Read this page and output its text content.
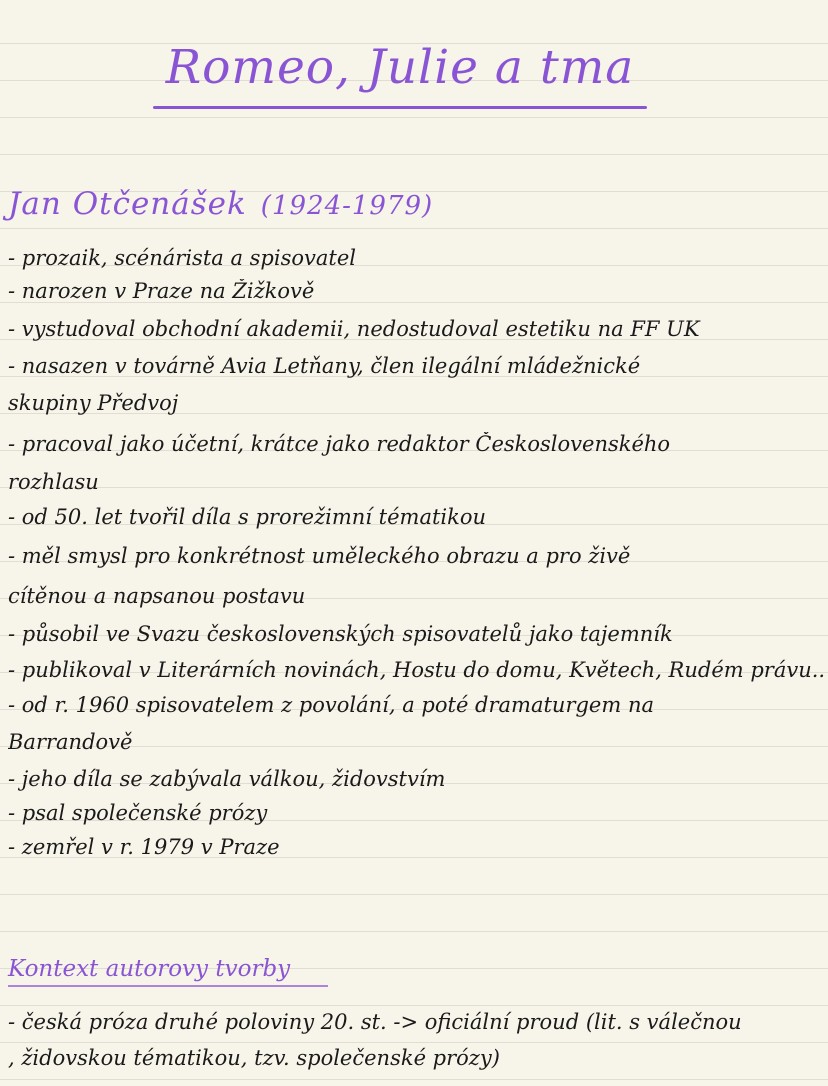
Romeo, Julie a tma
Jan Otčenášek (1924-1979)
- prozaik, scénárista a spisovatel
- narozen v Praze na Žižkově
- vystudoval obchodní akademii, nedostudoval estetiku na FF UK
- nasazen v továrně Avia Letňany, člen ilegální mládežnické
skupiny Předvoj
- pracoval jako účetní, krátce jako redaktor Československého
rozhlasu
- od 50. let tvořil díla s prorežimní tématikou
- měl smysl pro konkrétnost uměleckého obrazu a pro živě
cítěnou a napsanou postavu
- působil ve Svazu československých spisovatelů jako tajemník
- publikoval v Literárních novinách, Hostu do domu, Květech, Rudém právu..
- od r. 1960 spisovatelem z povolání, a poté dramaturgem na
Barrandově
- jeho díla se zabývala válkou, židovstvím
- psal společenské prózy
- zemřel v r. 1979 v Praze
Kontext autorovy tvorby
- česká próza druhé poloviny 20. st. -> oficiální proud (lit. s válečnou
, židovskou tématikou, tzv. společenské prózy)
